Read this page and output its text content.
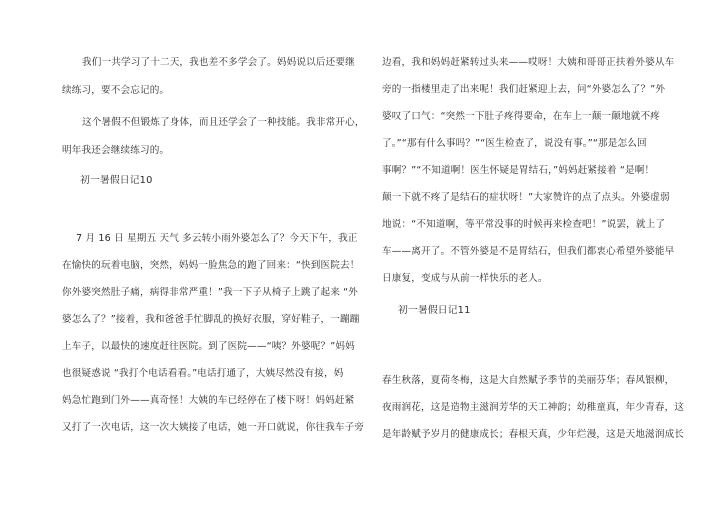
我们一共学习了十二天，我也差不多学会了。妈妈说以后还要继
续练习，要不会忘记的。
这个暑假不但锻炼了身体，而且还学会了一种技能。我非常开心，
明年我还会继续练习的。
初一暑假日记10
7 月 16 日 星期五 天气 多云转小雨外婆怎么了？今天下午，我正
在愉快的玩着电脑，突然，妈妈一脸焦急的跑了回来：“快到医院去！
你外婆突然肚子痛，病得非常严重！”我一下子从椅子上跳了起来 “外
婆怎么了？”接着，我和爸爸手忙脚乱的换好衣服，穿好鞋子，一蹦蹦
上车子，以最快的速度赶往医院。到了医院——“咦？外婆呢？”妈妈
也很疑惑说 “我打个电话看看。”电话打通了，大姨尽然没有接，妈
妈急忙跑到门外——真奇怪！大姨的车已经停在了楼下呀！妈妈赶紧
又打了一次电话，这一次大姨接了电话，她一开口就说，你往我车子旁
边看，我和妈妈赶紧转过头来——哎呀！大姨和哥哥正扶着外婆从车
旁的一指楼里走了出来呢！我们赶紧迎上去，问“外婆怎么了？”外
婆叹了口气：“突然一下肚子疼得要命，在车上一颠一颠地就不疼
了。”“那有什么事吗？”“医生检查了，说没有事。”“那是怎么回
事啊？”“不知道啊！医生怀疑是胃结石，”妈妈赶紧接着 “是啊！
颠一下就不疼了是结石的症状呀！”大家赞许的点了点头。外婆虚弱
地说：“不知道啊，等平常没事的时候再来检查吧！”说罢，就上了
车——离开了。不管外婆是不是胃结石，但我们都衷心希望外婆能早
日康复，变成与从前一样快乐的老人。
初一暑假日记11
春生秋落，夏荷冬梅，这是大自然赋予季节的美丽芬华；春风银柳，
夜雨润花，这是造物主滋润芳华的天工神韵；幼稚童真，年少青春，这
是年龄赋予岁月的健康成长；春根天真，少年烂漫，这是天地滋润成长
